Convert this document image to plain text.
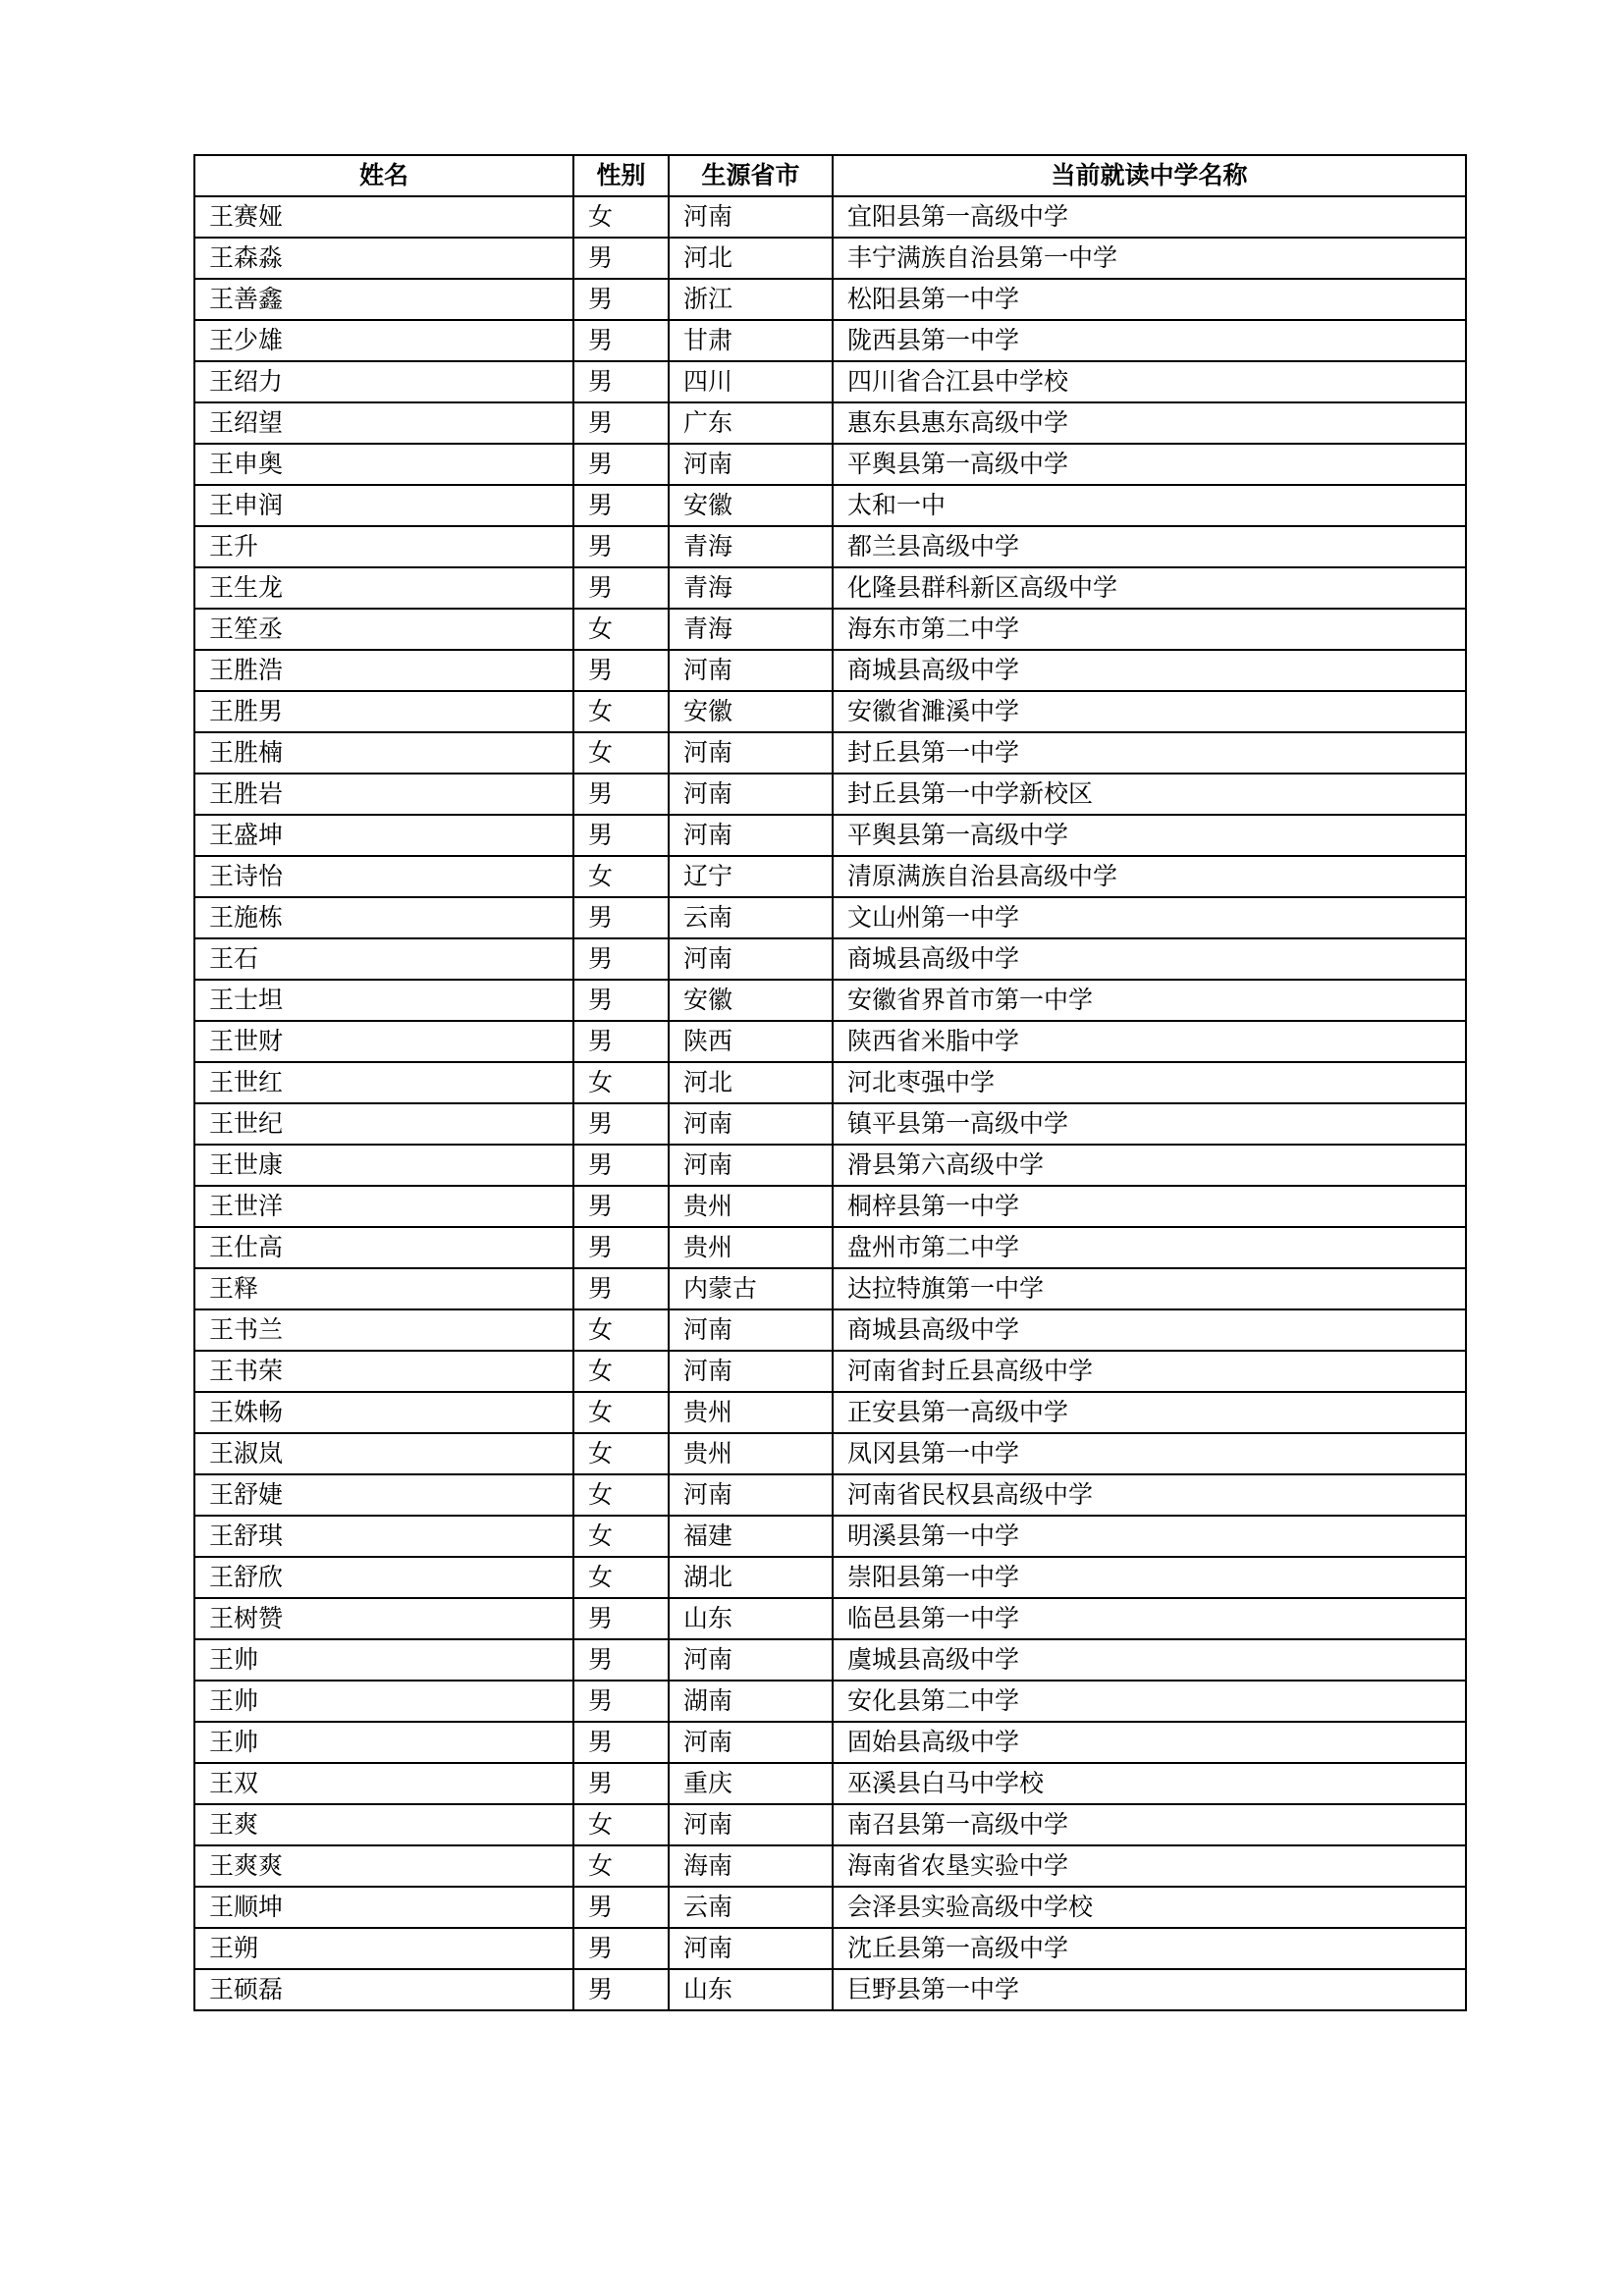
姓名	性别	生源省市	当前就读中学名称
王赛娅	女	河南	宜阳县第一高级中学
王森淼	男	河北	丰宁满族自治县第一中学
王善鑫	男	浙江	松阳县第一中学
王少雄	男	甘肃	陇西县第一中学
王绍力	男	四川	四川省合江县中学校
王绍望	男	广东	惠东县惠东高级中学
王申奥	男	河南	平舆县第一高级中学
王申润	男	安徽	太和一中
王升	男	青海	都兰县高级中学
王生龙	男	青海	化隆县群科新区高级中学
王笙丞	女	青海	海东市第二中学
王胜浩	男	河南	商城县高级中学
王胜男	女	安徽	安徽省濉溪中学
王胜楠	女	河南	封丘县第一中学
王胜岩	男	河南	封丘县第一中学新校区
王盛坤	男	河南	平舆县第一高级中学
王诗怡	女	辽宁	清原满族自治县高级中学
王施栋	男	云南	文山州第一中学
王石	男	河南	商城县高级中学
王士坦	男	安徽	安徽省界首市第一中学
王世财	男	陕西	陕西省米脂中学
王世红	女	河北	河北枣强中学
王世纪	男	河南	镇平县第一高级中学
王世康	男	河南	滑县第六高级中学
王世洋	男	贵州	桐梓县第一中学
王仕高	男	贵州	盘州市第二中学
王释	男	内蒙古	达拉特旗第一中学
王书兰	女	河南	商城县高级中学
王书荣	女	河南	河南省封丘县高级中学
王姝畅	女	贵州	正安县第一高级中学
王淑岚	女	贵州	凤冈县第一中学
王舒婕	女	河南	河南省民权县高级中学
王舒琪	女	福建	明溪县第一中学
王舒欣	女	湖北	崇阳县第一中学
王树赞	男	山东	临邑县第一中学
王帅	男	河南	虞城县高级中学
王帅	男	湖南	安化县第二中学
王帅	男	河南	固始县高级中学
王双	男	重庆	巫溪县白马中学校
王爽	女	河南	南召县第一高级中学
王爽爽	女	海南	海南省农垦实验中学
王顺坤	男	云南	会泽县实验高级中学校
王朔	男	河南	沈丘县第一高级中学
王硕磊	男	山东	巨野县第一中学
